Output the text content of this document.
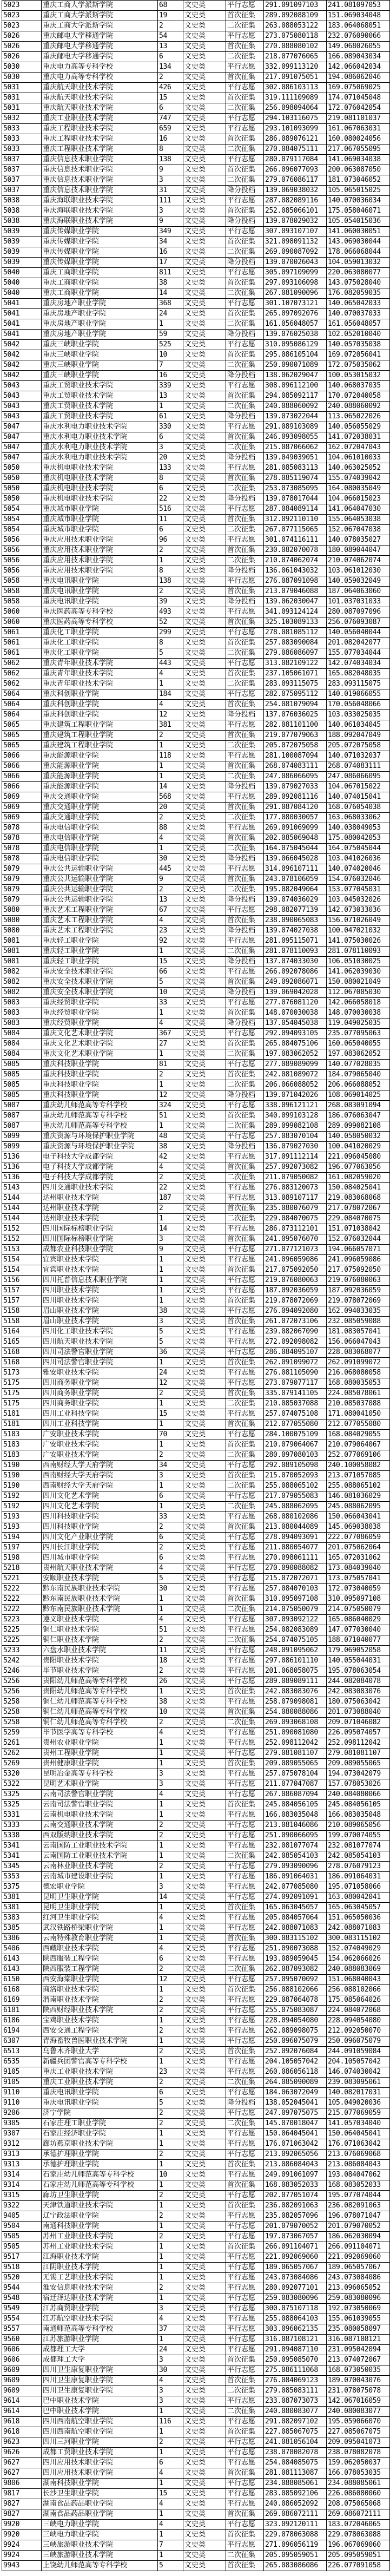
5023	重庆工商大学派斯学院	68	文史类	平行志愿	291.091097103	241.081097053
5023	重庆工商大学派斯学院	19	文史类	首次征集	289.092088109	151.069034048
5023	重庆工商大学派斯学院	2	文史类	二次征集	263.088053122	183.064068051
5026	重庆邮电大学移通学院	54	文史类	平行志愿	273.075080118	232.076090066
5026	重庆邮电大学移通学院	13	文史类	首次征集	270.088080102	149.068026055
5026	重庆邮电大学移通学院	6	文史类	二次征集	218.077076065	166.089043034
5030	重庆电力高等专科学校	134	文史类	平行志愿	332.099113120	142.066042034
5030	重庆电力高等专科学校	2	文史类	首次征集	217.091075051	194.086062046
5031	重庆航天职业技术学院	426	文史类	平行志愿	302.086103113	169.075069025
5031	重庆航天职业技术学院	15	文史类	首次征集	319.111109089	174.071045048
5031	重庆航天职业技术学院	6	文史类	二次征集	256.098094064	172.076042054
5032	重庆工业职业技术学院	747	文史类	平行志愿	294.103116075	219.081101037
5033	重庆工程职业技术学院	659	文史类	平行志愿	293.101093099	161.067063031
5033	重庆工程职业技术学院	16	文史类	首次征集	286.089076121	160.080024056
5033	重庆工程职业技术学院	8	文史类	二次征集	270.084075111	217.067055095
5037	重庆信息技术职业学院	138	文史类	平行志愿	280.079117084	141.069034038
5037	重庆信息技术职业学院	9	文史类	首次征集	266.096077093	200.063087050
5037	重庆信息技术职业学院	3	文史类	二次征集	279.076086117	181.073046052
5037	重庆信息技术职业学院	31	文史类	降分投档	139.069038032	105.065015025
5038	重庆海联职业技术学院	111	文史类	平行志愿	287.082089116	140.070036034
5038	重庆海联职业技术学院	3	文史类	首次征集	252.085066101	175.058046071
5038	重庆海联职业技术学院	9	文史类	降分投档	139.078029032	105.054015036
5039	重庆传媒职业学院	349	文史类	平行志愿	307.093107107	141.060030051
5039	重庆传媒职业学院	34	文史类	首次征集	321.098091132	143.069030044
5039	重庆传媒职业学院	16	文史类	二次征集	269.090087092	178.066068044
5039	重庆传媒职业学院	17	文史类	降分投档	139.070026043	104.059013032
5040	重庆工商职业学院	811	文史类	平行志愿	305.097109099	220.063080077
5040	重庆工商职业学院	38	文史类	首次征集	297.093106098	143.075028040
5040	重庆工商职业学院	14	文史类	二次征集	267.081090096	176.082059035
5041	重庆房地产职业学院	368	文史类	平行志愿	301.107073121	140.065042033
5041	重庆房地产职业学院	24	文史类	首次征集	265.097092076	140.070037033
5041	重庆房地产职业学院	1	文史类	二次征集	161.056048057	161.056048057
5041	重庆房地产职业学院	59	文史类	降分投档	139.076025038	102.052010040
5042	重庆三峡职业学院	525	文史类	平行志愿	310.095086129	140.057035038
5042	重庆三峡职业学院	10	文史类	首次征集	295.086105104	169.072056041
5042	重庆三峡职业学院	7	文史类	二次征集	250.090071089	172.075035062
5042	重庆三峡职业学院	16	文史类	降分投档	138.062029047	100.053015032
5043	重庆工贸职业技术学院	339	文史类	平行志愿	308.096112100	140.068037035
5043	重庆工贸职业技术学院	13	文史类	首次征集	294.085092117	170.072040058
5043	重庆工贸职业技术学院	1	文史类	二次征集	240.088060092	240.088060092
5043	重庆工贸职业技术学院	61	文史类	降分投档	139.073022044	113.065022026
5047	重庆水利电力职业技术学院	330	文史类	平行志愿	291.089103089	140.056055029
5047	重庆水利电力职业技术学院	6	文史类	首次征集	246.093098055	141.072038031
5047	重庆水利电力职业技术学院	3	文史类	二次征集	215.087066062	162.072047043
5047	重庆水利电力职业技术学院	20	文史类	降分投档	139.049039051	104.061010033
5050	重庆机电职业技术学院	133	文史类	平行志愿	281.085083113	140.063025052
5050	重庆机电职业技术学院	8	文史类	首次征集	278.085119074	155.074039042
5050	重庆机电职业技术学院	6	文史类	二次征集	253.073085095	164.080035049
5050	重庆机电职业技术学院	22	文史类	降分投档	139.078017044	104.066015023
5054	重庆城市职业学院	516	文史类	平行志愿	287.084089114	141.064047030
5054	重庆城市职业学院	11	文史类	首次征集	312.092110110	155.064053038
5054	重庆城市职业学院	6	文史类	二次征集	267.077115065	152.067047038
5056	重庆应用技术职业学院	96	文史类	平行志愿	301.074116111	140.078035027
5056	重庆应用技术职业学院	2	文史类	首次征集	230.082070078	180.089044047
5056	重庆应用技术职业学院	1	文史类	二次征集	210.074062074	210.074062074
5056	重庆应用技术职业学院	8	文史类	降分投档	136.061043032	103.061012030
5058	重庆电讯职业学院	138	文史类	平行志愿	276.087091098	140.059032049
5058	重庆电讯职业学院	2	文史类	首次征集	213.079046088	187.064063060
5058	重庆电讯职业学院	39	文史类	降分投档	139.062030047	101.037031033
5060	重庆医药高等专科学校	493	文史类	平行志愿	341.093124124	280.087097096
5060	重庆医药高等专科学校	52	文史类	首次征集	325.103089133	256.076093087
5061	重庆化工职业学院	299	文史类	平行志愿	278.081085112	140.056040044
5061	重庆化工职业学院	8	文史类	首次征集	257.083090084	201.082042077
5061	重庆化工职业学院	5	文史类	二次征集	279.086086097	155.077034044
5062	重庆青年职业技术学院	443	文史类	平行志愿	313.082109122	142.074034034
5062	重庆青年职业技术学院	4	文史类	首次征集	237.105061071	165.082048035
5062	重庆青年职业技术学院	1	文史类	二次征集	283.093115075	283.093115075
5064	重庆科创职业学院	184	文史类	平行志愿	282.075095112	140.019066055
5064	重庆科创职业学院	4	文史类	首次征集	254.081079094	170.056048066
5064	重庆科创职业学院	12	文史类	降分投档	137.076036025	103.033025035
5065	重庆建筑工程职业学院	381	文史类	平行志愿	282.081101100	140.061034045
5065	重庆建筑工程职业学院	2	文史类	首次征集	219.077079063	188.092047049
5065	重庆建筑工程职业学院	1	文史类	二次征集	205.072075058	205.072075058
5066	重庆能源职业学院	118	文史类	平行志愿	281.100087094	140.071032037
5066	重庆能源职业学院	1	文史类	首次征集	268.074083111	268.074083111
5066	重庆能源职业学院	1	文史类	二次征集	247.086066095	247.086066095
5066	重庆能源职业学院	14	文史类	降分投档	139.079027033	104.067015022
5069	重庆交通职业学院	568	文史类	平行志愿	289.092081116	140.074015041
5069	重庆交通职业学院	20	文史类	首次征集	291.087084120	168.076054038
5069	重庆交通职业学院	2	文史类	二次征集	177.080030057	163.068033062
5078	重庆电信职业学院	88	文史类	平行志愿	269.091069099	140.038049053
5078	重庆电信职业学院	4	文史类	首次征集	202.085069048	175.080042053
5078	重庆电信职业学院	1	文史类	二次征集	164.075045044	164.075045044
5078	重庆电信职业学院	30	文史类	降分投档	139.066045028	103.041026036
5079	重庆公共运输职业学院	445	文史类	平行志愿	314.096107111	140.074020046
5079	重庆公共运输职业学院	9	文史类	首次征集	243.078106059	154.076032046
5079	重庆公共运输职业学院	2	文史类	二次征集	195.082049064	153.077045031
5079	重庆公共运输职业学院	13	文史类	降分投档	139.074036029	103.045032026
5080	重庆艺术工程职业学院	67	文史类	平行志愿	298.082077139	142.073033036
5080	重庆艺术工程职业学院	4	文史类	首次征集	238.090065083	156.071026049
5080	重庆艺术工程职业学院	23	文史类	降分投档	139.074027038	100.047021032
5081	重庆轻工职业学院	92	文史类	平行志愿	281.095115071	141.075030026
5081	重庆轻工职业学院	1	文史类	二次征集	281.078110093	281.078110093
5081	重庆轻工职业学院	15	文史类	降分投档	137.074033030	106.051030025
5082	重庆安全技术职业学院	66	文史类	平行志愿	266.092078086	141.062039030
5082	重庆安全技术职业学院	5	文史类	首次征集	249.092086071	150.080021049
5082	重庆安全技术职业学院	10	文史类	降分投档	139.069042028	112.067005030
5083	重庆经贸职业学院	33	文史类	平行志愿	277.076081120	142.066058018
5083	重庆经贸职业学院	1	文史类	首次征集	148.070030038	148.070030038
5083	重庆经贸职业学院	4	文史类	降分投档	137.054045038	119.049025035
5084	重庆文化艺术职业学院	367	文史类	平行志愿	292.094093105	235.077095063
5084	重庆文化艺术职业学院	27	文史类	首次征集	265.084075106	160.065040055
5084	重庆文化艺术职业学院	1	文史类	二次征集	197.083062052	197.083062052
5085	重庆科技职业学院	81	文史类	平行志愿	277.089089099	140.077028035
5085	重庆科技职业学院	2	文史类	首次征集	242.081089072	184.079065040
5085	重庆科技职业学院	1	文史类	二次征集	206.066088052	206.066088052
5085	重庆科技职业学院	12	文史类	降分投档	139.071042026	108.069014025
5087	重庆幼儿师范高等专科学校	324	文史类	平行志愿	338.096121121	268.083091094
5087	重庆幼儿师范高等专科学校	51	文史类	首次征集	340.099103128	186.076063047
5087	重庆幼儿师范高等专科学校	1	文史类	二次征集	289.099082108	289.099082108
5099	重庆资源与环境保护职业学院	48	文史类	平行志愿	257.083070104	140.058050032
5099	重庆资源与环境保护职业学院	38	文史类	降分投档	136.079027030	100.041020029
5136	电子科技大学成都学院	42	文史类	平行志愿	317.091112114	221.096045080
5136	电子科技大学成都学院	4	文史类	首次征集	257.092073082	196.077063056
5136	电子科技大学成都学院	2	文史类	二次征集	211.079050082	161.082059020
5143	四川交通职业技术学院	22	文史类	平行志愿	276.083120073	150.084025041
5144	达州职业技术学院	187	文史类	平行志愿	313.089107117	219.083068068
5144	达州职业技术学院	2	文史类	首次征集	235.080076079	217.078072067
5144	达州职业技术学院	1	文史类	二次征集	229.084070075	229.084070075
5152	四川国际标榜职业学院	14	文史类	平行志愿	286.073112101	151.071038042
5152	四川国际标榜职业学院	3	文史类	首次征集	241.095076070	152.076032044
5153	成都农业科技职业学院	9	文史类	平行志愿	271.077121073	194.066057071
5154	宜宾职业技术学院	1	文史类	平行志愿	241.096059086	241.096059086
5154	宜宾职业技术学院	1	文史类	首次征集	217.075092050	217.075092050
5156	四川托普信息技术职业学院	1	文史类	平行志愿	219.076080063	219.076080063
5157	四川职业技术学院	1	文史类	平行志愿	187.092036059	187.092036059
5157	四川职业技术学院	1	文史类	首次征集	219.078072069	219.078072069
5158	眉山职业技术学院	38	文史类	平行志愿	276.094092080	162.094033035
5158	眉山职业技术学院	3	文史类	首次征集	261.072073106	232.085059088
5164	四川化工职业技术学院	5	文史类	平行志愿	239.082067090	181.083057041
5165	四川航天职业技术学院	5	文史类	平行志愿	272.092098082	156.066047043
5168	四川司法警官职业学院	36	文史类	平行志愿	286.084095107	228.083068077
5168	四川司法警官职业学院	1	文史类	首次征集	262.091099072	262.091099072
5173	雅安职业技术学院	24	文史类	平行志愿	276.081105090	216.068080058
5175	四川商务职业学院	12	文史类	平行志愿	273.079077117	168.080035053
5175	四川商务职业学院	2	文史类	首次征集	335.079141105	224.085078061
5175	四川商务职业学院	1	文史类	二次征集	210.085037088	210.085037088
5181	四川工业科技学院	15	文史类	平行志愿	257.074075108	171.080041050
5181	四川工业科技学院	1	文史类	首次征集	212.077055080	212.077055080
5183	广安职业技术学院	70	文史类	平行志愿	284.100075109	168.084029055
5183	广安职业技术学院	1	文史类	首次征集	210.079064067	210.079064067
5183	广安职业技术学院	2	文史类	二次征集	280.097080103	252.077069106
5190	西南财经大学天府学院	34	文史类	平行志愿	292.089105098	240.100058082
5190	西南财经大学天府学院	3	文史类	首次征集	215.070052093	213.071057085
5190	西南财经大学天府学院	1	文史类	二次征集	255.088065102	255.088065102
5192	四川文化艺术学院	6	文史类	平行志愿	217.079055083	146.081036029
5192	四川文化艺术学院	1	文史类	二次征集	245.088062095	245.088062095
5193	四川科技职业学院	33	文史类	平行志愿	268.080102086	150.066043041
5193	四川科技职业学院	2	文史类	首次征集	213.080044089	145.069038038
5194	四川文化产业职业学院	6	文史类	平行志愿	278.094093091	222.077086059
5197	四川长江职业学院	2	文史类	平行志愿	211.080054077	201.075062064
5198	四川城市职业学院	6	文史类	平行志愿	270.098061111	165.072031062
5218	贵州航天职业技术学院	4	文史类	平行志愿	270.090088082	173.084039040
5221	安顺职业技术学院	5	文史类	平行志愿	215.072072071	173.075057041
5222	黔东南民族职业技术学院	30	文史类	平行志愿	257.084070103	172.073040059
5222	黔东南民族职业技术学院	1	文史类	首次征集	310.095097108	310.095097108
5222	黔东南民族职业技术学院	1	文史类	二次征集	214.075050079	214.075050079
5223	遵义职业技术学院	4	文史类	平行志愿	307.093092122	165.086040029
5225	铜仁职业技术学院	51	文史类	平行志愿	254.082083089	147.077030040
5225	铜仁职业技术学院	2	文史类	二次征集	254.074075105	188.071040077
5233	六盘水职业技术学院	11	文史类	平行志愿	248.091095062	179.069052058
5242	贵阳职业技术学院	18	文史类	平行志愿	297.086101110	140.055044031
5246	毕节职业技术学院	2	文史类	平行志愿	201.068058075	195.078063054
5256	贵阳幼儿师范高等专科学校	26	文史类	平行志愿	289.089089111	244.082084078
5256	贵阳幼儿师范高等专科学校	1	文史类	首次征集	242.083083076	242.083083076
5258	铜仁幼儿师范高等专科学校	38	文史类	平行志愿	258.079098081	180.075063042
5258	铜仁幼儿师范高等专科学校	10	文史类	首次征集	254.080088086	201.073088040
5258	铜仁幼儿师范高等专科学校	2	文史类	二次征集	269.093068108	209.071046082
5259	毕节医学高等专科学校	4	文史类	平行志愿	251.090081080	226.095074057
5261	贵州农业职业学院	1	文史类	平行志愿	252.098112042	252.098112042
5262	贵州工程职业学院	1	文史类	平行志愿	279.081081107	279.081081107
5269	贵州健康职业学院	1	文史类	首次征集	209.089055065	209.089055065
5320	昆明冶金高等专科学校	3	文史类	平行志愿	257.075078104	194.073042079
5322	昆明艺术职业学院	3	文史类	平行志愿	211.077047087	157.078053026
5325	云南司法警官职业学院	4	文史类	平行志愿	267.086087094	240.084080066
5325	云南司法警官职业学院	1	文史类	首次征集	245.084056105	245.084056105
5331	云南机电职业技术学院	1	文史类	平行志愿	166.083035048	166.083035048
5333	云南交通职业技术学院	2	文史类	平行志愿	213.081046086	210.089065056
5338	西双版纳职业技术学院	2	文史类	平行志愿	251.090066095	199.070074055
5341	云南国防工业职业技术学院	1	文史类	平行志愿	232.081077074	232.081077074
5341	云南国防工业职业技术学院	1	文史类	二次征集	242.085054103	242.085054103
5345	云南林业职业技术学院	2	文史类	平行志愿	279.093090096	278.076079123
5353	云南城市建设职业学院	1	文史类	平行志愿	186.091064031	186.091064031
5375	德宏职业学院	3	文史类	平行志愿	242.077085080	195.071058066
5381	昆明卫生职业学院	14	文史类	平行志愿	274.092091091	163.080042041
5381	昆明卫生职业学院	1	文史类	首次征集	165.063045057	165.063045057
5383	红河卫生职业学院	4	文史类	平行志愿	205.084057064	151.065050036
5385	武汉铁路桥梁职业学院	1	文史类	平行志愿	242.088071083	242.088071083
5386	云南特殊教育职业学院	1	文史类	首次征集	300.083115102	300.083115102
5406	西藏职业技术学院	4	文史类	平行志愿	251.090073088	152.074049029
6143	陕西服装工程学院	6	文史类	平行志愿	193.089059045	154.062066026
6143	陕西服装工程学院	2	文史类	二次征集	262.087093082	240.088083069
6150	西安海棠职业学院	12	文史类	平行志愿	257.095070092	151.068040043
6168	商洛职业技术学院	1	文史类	首次征集	256.088102066	256.088102066
6169	渭南职业技术学院	2	文史类	平行志愿	229.087064078	175.085064026
6181	陕西财经职业技术学院	2	文史类	平行志愿	255.075083087	224.084072068
6186	宝鸡职业技术学院	1	文史类	平行志愿	228.094054080	228.094054080
6194	西安交通工程学院	2	文史类	平行志愿	262.089098075	212.092050070
6307	青海畜牧兽医职业技术学院	1	文史类	平行志愿	250.096075079	250.096075079
6513	乌鲁木齐职业大学	2	文史类	首次征集	252.092076084	244.091059084
6535	新疆兵团警官高等专科学校	1	文史类	平行志愿	204.105057042	204.105057042
9105	重庆工业职业技术学院	23	文史类	平行志愿	260.086056118	146.074030042
9105	重庆工业职业技术学院	2	文史类	二次征集	264.085090089	239.083095061
9110	重庆电讯职业学院	6	文史类	平行志愿	184.063072049	140.082017031
9110	重庆电讯职业学院	5	文史类	降分投档	138.052045041	105.049020036
9206	济宁学院	2	文史类	平行志愿	247.097075075	215.077069059
9305	石家庄理工职业学院	2	文史类	二次征集	145.070018047	141.057034040
9307	石家庄经济职业学院	1	文史类	平行志愿	150.064045041	150.064045041
9312	廊坊燕京职业技术学院	1	文史类	平行志愿	176.071063042	176.071063042
9313	承德护理职业学院	2	文史类	平行志愿	213.092065056	213.076069068
9313	承德护理职业学院	1	文史类	首次征集	213.086084043	213.086084043
9314	石家庄幼儿师范高等专科学校	10	文史类	平行志愿	249.091061097	193.084047062
9314	石家庄幼儿师范高等专科学校	1	文史类	首次征集	168.083052033	168.083052033
9315	廊坊卫生职业学院	2	文史类	平行志愿	202.077051074	195.077074044
9322	天津铁道职业技术学院	1	文史类	首次征集	236.082091063	236.082091063
9405	辽宁政法职业学院	2	文史类	平行志愿	235.082057096	196.078071047
9504	南通科技职业学院	1	文史类	平行志愿	201.079070052	201.079070052
9505	苏州工业职业技术学院	2	文史类	平行志愿	197.073067057	186.062030094
9505	苏州工业职业技术学院	1	文史类	首次征集	266.091104071	266.091104071
9517	江海职业技术学院	1	文史类	平行志愿	221.092069060	221.092069060
9518	江阴职业技术学院	1	文史类	平行志愿	189.065057067	189.065057067
9520	无锡工艺职业技术学院	1	文史类	平行志愿	243.073084086	243.073084086
9544	淮安信息职业技术学院	2	文史类	平行志愿	280.092077101	213.096065052
9548	宿迁泽达职业技术学院	1	文史类	平行志愿	259.083080096	259.083080096
9549	江苏商贸职业学院	3	文史类	平行志愿	300.075107118	192.073050069
9554	江苏航空职业技术学院	4	文史类	平行志愿	255.088064103	155.061039055
9557	南通师范高等专科学校	37	文史类	平行志愿	303.096062135	235.080058097
9560	江苏旅游职业学院	1	文史类	平行志愿	316.087108121	316.087108121
9606	成都理工大学	24	文史类	平行志愿	291.094087110	231.095042094
9606	成都理工大学	3	文史类	首次征集	250.095085070	213.074072067
9609	四川卫生康复职业学院	30	文史类	平行志愿	275.086111068	168.073050035
9609	四川卫生康复职业学院	4	文史类	首次征集	276.084069123	189.070043076
9609	四川卫生康复职业学院	3	文史类	二次征集	279.085083111	231.078075078
9614	巴中职业技术学院	3	文史类	平行志愿	233.087073073	142.067016059
9614	巴中职业技术学院	1	文史类	二次征集	240.080083077	240.080083077
9618	四川西南航空职业学院	116	文史类	平行志愿	291.082097102	195.059066070
9618	四川西南航空职业学院	1	文史类	首次征集	227.085067075	227.085067075
9623	四川三河职业学院	2	文史类	平行志愿	241.081056104	209.095041073
9626	成都工贸职业技术学院	1	文史类	平行志愿	238.078082078	238.078082078
9627	四川应用技术职业学院	6	文史类	平行志愿	254.084085075	159.062050037
9627	四川应用技术职业学院	4	文史类	首次征集	281.081113087	166.078053035
9806	湖南科技职业学院	1	文史类	平行志愿	234.088085061	234.088085061
9817	长沙卫生职业学院	15	文史类	平行志愿	283.085092106	226.086080060
9827	湖南食品药品职业学院	4	文史类	平行志愿	240.086052092	208.075065068
9827	湖南食品药品职业学院	1	文史类	首次征集	269.086072111	269.086072111
9920	三峡电力职业学院	4	文史类	平行志愿	323.092120111	183.072046065
9920	三峡电力职业学院	1	文史类	首次征集	229.078063088	229.078063088
9924	三峡旅游职业技术学院	7	文史类	平行志愿	271.096056119	196.067069060
9924	三峡旅游职业技术学院	1	文史类	二次征集	205.095059051	205.095059051
9943	上饶幼儿师范高等专科学校	5	文史类	首次征集	265.083086086	226.077091058
